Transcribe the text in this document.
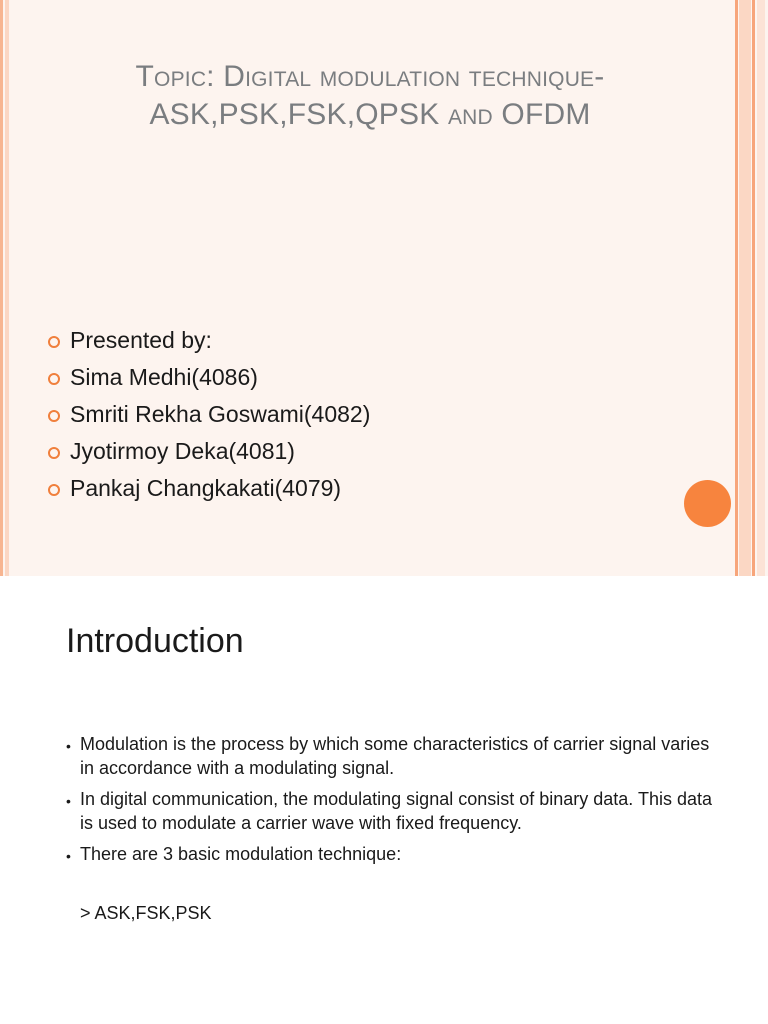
Topic: Digital modulation technique-
ASK,PSK,FSK,QPSK and OFDM
Presented by:
Sima Medhi(4086)
Smriti Rekha Goswami(4082)
Jyotirmoy Deka(4081)
Pankaj Changkakati(4079)
Introduction
• Modulation is the process by which some characteristics of carrier signal varies in accordance with a modulating signal.
• In digital communication, the modulating signal consist of binary data. This data is used to modulate a carrier wave with fixed frequency.
• There are 3 basic modulation technique:
> ASK,FSK,PSK
